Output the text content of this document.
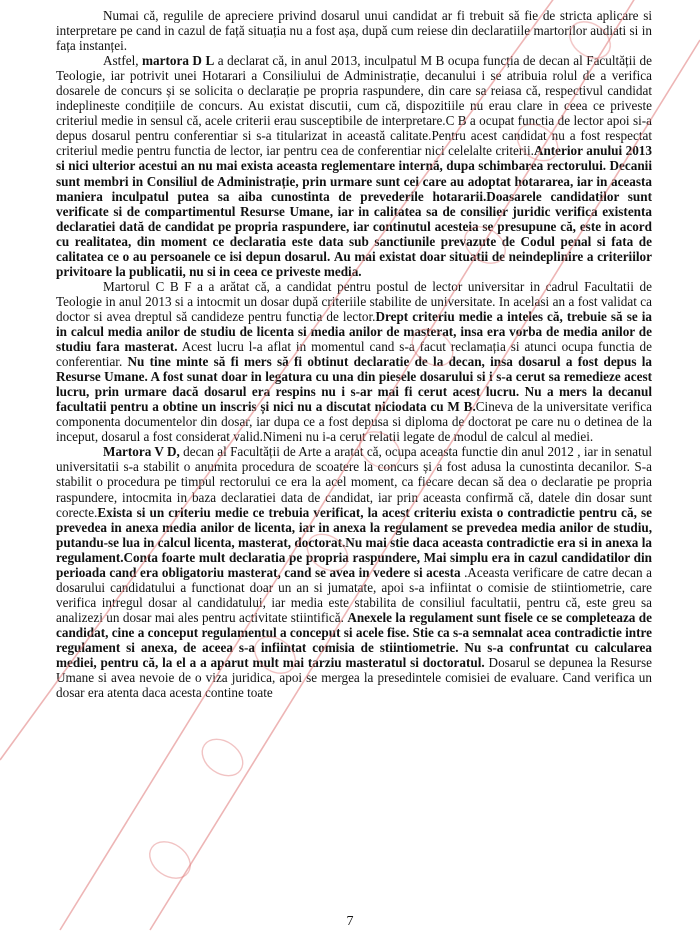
Numai că, regulile de apreciere privind dosarul unui candidat ar fi trebuit să fie de stricta aplicare si interpretare pe cand in cazul de față situația nu a fost așa, după cum reiese din declaratiile martorilor audiati si in fața instanței.

Astfel, martora D L a declarat că, in anul 2013, inculpatul M B ocupa funcția de decan al Facultății de Teologie, iar potrivit unei Hotarari a Consiliului de Administrație, decanului i se atribuia rolul de a verifica dosarele de concurs și se solicita o declarație pe propria raspundere, din care sa reiasa că, respectivul candidat indeplineste condițiile de concurs. Au existat discutii, cum că, dispozitiile nu erau clare in ceea ce priveste criteriul medie in sensul că, acele criterii erau susceptibile de interpretare.C B a ocupat functia de lector apoi si-a depus dosarul pentru conferentiar si s-a titularizat in această calitate.Pentru acest candidat nu a fost respectat criteriul medie pentru functia de lector, iar pentru cea de conferentiar nici celelalte criterii.Anterior anului 2013 si nici ulterior acestui an nu mai exista aceasta reglementare internă, dupa schimbarea rectorului. Decanii sunt membri in Consiliul de Administrație, prin urmare sunt cei care au adoptat hotararea, iar in aceasta maniera inculpatul putea sa aiba cunostinta de prevederile hotararii.Doasarele candidatilor sunt verificate si de compartimentul Resurse Umane, iar in calitatea sa de consilier juridic verifica existenta declaratiei dată de candidat pe propria raspundere, iar continutul acesteia se presupune că, este in acord cu realitatea, din moment ce declaratia este data sub sanctiunile prevazute de Codul penal si fata de calitatea ce o au persoanele ce isi depun dosarul. Au mai existat doar situatii de neindeplinire a criteriilor privitoare la publicatii, nu si in ceea ce priveste media.

Martorul C B F a a arătat că, a candidat pentru postul de lector universitar in cadrul Facultatii de Teologie in anul 2013 si a intocmit un dosar după criteriile stabilite de universitate. In acelasi an a fost validat ca doctor si avea dreptul să candideze pentru functia de lector.Drept criteriu medie a inteles că, trebuie să se ia in calcul media anilor de studiu de licenta si media anilor de masterat, insa era vorba de media anilor de studiu fara masterat. Acest lucru l-a aflat in momentul cand s-a facut reclamația si atunci ocupa functia de conferentiar. Nu tine minte să fi mers să fi obtinut declaratie de la decan, insa dosarul a fost depus la Resurse Umane. A fost sunat doar in legatura cu una din piesele dosarului si i s-a cerut sa remedieze acest lucru, prin urmare dacă dosarul era respins nu i s-ar mai fi cerut acest lucru. Nu a mers la decanul facultatii pentru a obtine un inscris și nici nu a discutat niciodata cu M B.Cineva de la universitate verifica componenta documentelor din dosar, iar dupa ce a fost depusa si diploma de doctorat pe care nu o detinea de la inceput, dosarul a fost considerat valid.Nimeni nu i-a cerut relatii legate de modul de calcul al mediei.

Martora V D, decan al Facultății de Arte a aratat că, ocupa aceasta functie din anul 2012 , iar in senatul universitatii s-a stabilit o anumita procedura de scoatere la concurs și a fost adusa la cunostinta decanilor. S-a stabilit o procedura pe timpul rectorului ce era la acel moment, ca fiecare decan să dea o declaratie pe propria raspundere, intocmita in baza declaratiei data de candidat, iar prin aceasta confirmă că, datele din dosar sunt corecte.Exista si un criteriu medie ce trebuia verificat, la acest criteriu exista o contradictie pentru că, se prevedea in anexa media anilor de licenta, iar in anexa la regulament se prevedea media anilor de studiu, putandu-se lua in calcul licenta, masterat, doctorat.Nu mai stie daca aceasta contradictie era si in anexa la regulament.Conta foarte mult declaratia pe propria raspundere, Mai simplu era in cazul candidatilor din perioada cand era obligatoriu masterat, cand se avea in vedere si acesta .Aceasta verificare de catre decan a dosarului candidatului a functionat doar un an si jumatate, apoi s-a infiintat o comisie de stiintiometrie, care verifica intregul dosar al candidatului, iar media este stabilita de consiliul facultatii, pentru că, este greu sa analizezi un dosar mai ales pentru activitate stiintifică. Anexele la regulament sunt fisele ce se completeaza de candidat, cine a conceput regulamentul a conceput si acele fise. Stie ca s-a semnalat acea contradictie intre regulament si anexa, de aceea s-a infiintat comisia de stiintiometrie. Nu s-a confruntat cu calcularea mediei, pentru că, la el a a aparut mult mai tarziu masteratul si doctoratul. Dosarul se depunea la Resurse Umane si avea nevoie de o viza juridica, apoi se mergea la presedintele comisiei de evaluare. Cand verifica un dosar era atenta daca acesta contine toate

7
